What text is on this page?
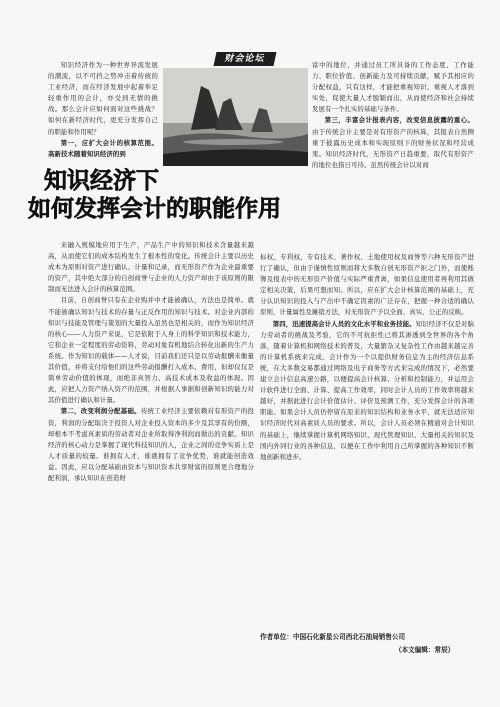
财会论坛

知识经济作为一种世界异流发展的潮流，以不可挡之势冲击着传统的工业经济，而在经济发展中起着举足轻重作用的会计，亦受到无情的挑战。那么会计应如何面对这些挑战？如何在新经济时代，更充分发挥自己的职能和作用呢？

第一，应扩大会计的核算范围。高新技术随着知识经济的到

富中的地位，并通过员工所具备的工作态度、工作能力、职位价值、创新能力及可持续贡献，赋予其相应的分配权益，只有这样，才能把重视知识、重视人才落到实处，促使大量人才脱颖而出，从而使经济和社会持续发展有一个扎实的基础与条件。

第三，丰富会计报表内容，改变信息披露的重心。由于传统会计主要是对有形资产的核算，其报表自然侧重于披露历史成本和实现原则下的财务状况和经营成果。知识经济时代，无形资产日趋重要，取代有形资产的地位也指日可待。虽然传统会计以对商

知识经济下
如何发挥会计的职能作用

来融入规模地应用于生产，产品生产中的知识和技术含量越来越高，从而使它们的成本结构发生了根本性的变化。传统会计主要以历史成本为原则对资产进行确认、计量和记录，而无形资产作为企业最重要的资产，其中绝大部分的自创商誉与企业的人力资产却由于该原则的限制而无法进入会计的核算范围。

目前，自创商誉只有在企业购并中才能被确认，方法也是简单。就不能被确认知识与技术的存量与正反作用的知识与技术。对企业内部的知识与技能及管理与策划的大量投入虽然也是相关的，而作为知识经济的核心——人力资产来说，它是依附于人身上的科学知识和技术能力，它和企业一定程度的劳动资料，劳动对象有机地结合转化出新的生产力系统。作为知识的载体——人才说，目前我们还只是以劳动报酬来衡量其价值，并将支付给他们的这些劳动报酬打入成本、费用，但却仅仅是简单劳动价值的体现，而绝非真智力、高技术成本及收益的体现。因此，应把人力资产纳入资产的范围，并根据人事据和创新知识的能力对其价值进行确认和计量。

第二，改变利润分配基础。传统工业经济主要依赖对有形资产的投资，利润的分配取决于投资人对企业投入资本的多少及其享有的份额，却根本不考虑真素质的劳动者对企业所取得净利润而做出的贡献。知识经济的核心动力是掌握了现代科技知识的人，企业之间的竞争实质上是人才质量的较量。谁拥有人才，谁就拥有了竞争优势，谁就能创造效益。因此，应以分配基础由资本与知识资本共享财富的原则更合理地分配利润，承认知识在创造财

标权、专利权、专有技术、著作权、土地使用权及商誉等六种无形资产进行了确认，但由于谨慎性原则而将大多数自创无形资产拒之门外，而使账簿及报表中的无形资产价值与实际严重背离，如果信息使用者再利用其做定相关决策，后果可想而知。所以，应在扩大会计核算范围的基础上，充分认识知识的投入与产出中不确定因素的广泛存在，把握一种合适的确认原则，计量属性及摊销方法，对无形资产予以全面、真实、公正的反映。

第四，迅速提高会计人员的文化水平和业务技能。知识经济不仅是对脑力劳动者的挑战及考验，它的不可抗拒性已将其渗透到全世界的各个角落，随着计算机和网络技术的普及，大量繁杂又复杂性工作由越来越完善的计算机系统来完成。会计作为一个以提供财务信息为主的经济信息系统，在大多数交易都通过网络及电子商务等方式来完成的情况下，必然要建立会计信息高速公路，以便提高会计核算、分析和控制能力，并运用会计软件进行全面、计算、提高工作效率，同时会计人员的工作效率将越来越好，并据此进行会计价值估计、评价及预测工作，充分发挥会计的各项职能。如果会计人员仍停留在原来的知识结构和业务水平，就无法适应知识经济时代对高素质人员的要求。所以，会计人员必须在精通对会计知识的基础上，继续掌握计算机网络知识、现代管理知识、大量相关的知识及国内外同行业的各种信息，以便在工作中利用自己所掌握的各种知识不断地创新和进步。

作者单位：中国石化新星公司西北石油局销售公司
（本文编辑：常辰）
